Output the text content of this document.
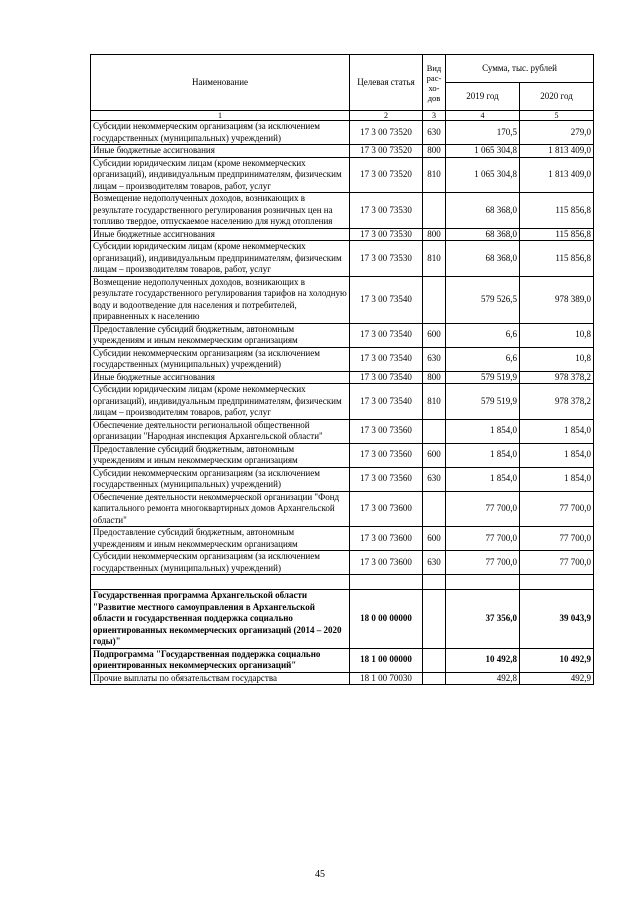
Наименование	Целевая статья	Вид рас-хо-дов	Сумма, тыс. рублей	
			2019 год	2020 год
1	2	3	4	5
Субсидии некоммерческим организациям (за исключением государственных (муниципальных) учреждений)	17 3 00 73520	630	170,5	279,0
Иные бюджетные ассигнования	17 3 00 73520	800	1 065 304,8	1 813 409,0
Субсидии юридическим лицам (кроме некоммерческих организаций), индивидуальным предпринимателям, физическим лицам – производителям товаров, работ, услуг	17 3 00 73520	810	1 065 304,8	1 813 409,0
Возмещение недополученных доходов, возникающих в результате государственного регулирования розничных цен на топливо твердое, отпускаемое населению для нужд отопления	17 3 00 73530		68 368,0	115 856,8
Иные бюджетные ассигнования	17 3 00 73530	800	68 368,0	115 856,8
Субсидии юридическим лицам (кроме некоммерческих организаций), индивидуальным предпринимателям, физическим лицам – производителям товаров, работ, услуг	17 3 00 73530	810	68 368,0	115 856,8
Возмещение недополученных доходов, возникающих в результате государственного регулирования тарифов на холодную воду и водоотведение для населения и потребителей, приравненных к населению	17 3 00 73540		579 526,5	978 389,0
Предоставление субсидий бюджетным, автономным учреждениям и иным некоммерческим организациям	17 3 00 73540	600	6,6	10,8
Субсидии некоммерческим организациям (за исключением государственных (муниципальных) учреждений)	17 3 00 73540	630	6,6	10,8
Иные бюджетные ассигнования	17 3 00 73540	800	579 519,9	978 378,2
Субсидии юридическим лицам (кроме некоммерческих организаций), индивидуальным предпринимателям, физическим лицам – производителям товаров, работ, услуг	17 3 00 73540	810	579 519,9	978 378,2
Обеспечение деятельности региональной общественной организации "Народная инспекция Архангельской области"	17 3 00 73560		1 854,0	1 854,0
Предоставление субсидий бюджетным, автономным учреждениям и иным некоммерческим организациям	17 3 00 73560	600	1 854,0	1 854,0
Субсидии некоммерческим организациям (за исключением государственных (муниципальных) учреждений)	17 3 00 73560	630	1 854,0	1 854,0
Обеспечение деятельности некоммерческой организации "Фонд капитального ремонта многоквартирных домов Архангельской области"	17 3 00 73600		77 700,0	77 700,0
Предоставление субсидий бюджетным, автономным учреждениям и иным некоммерческим организациям	17 3 00 73600	600	77 700,0	77 700,0
Субсидии некоммерческим организациям (за исключением государственных (муниципальных) учреждений)	17 3 00 73600	630	77 700,0	77 700,0

Государственная программа Архангельской области "Развитие местного самоуправления в Архангельской области и государственная поддержка социально ориентированных некоммерческих организаций (2014 – 2020 годы)"	18 0 00 00000		37 356,0	39 043,9
Подпрограмма "Государственная поддержка социально ориентированных некоммерческих организаций"	18 1 00 00000		10 492,8	10 492,9
Прочие выплаты по обязательствам государства	18 1 00 70030		492,8	492,9
45
